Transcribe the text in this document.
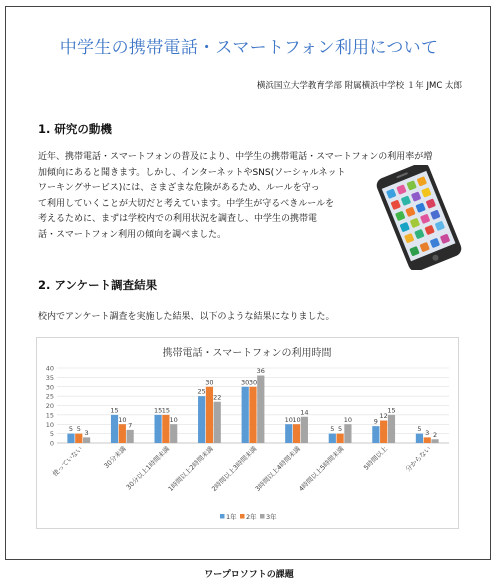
中学生の携帯電話・スマートフォン利用について
横浜国立大学教育学部 附属横浜中学校 １年 JMC 太郎
1. 研究の動機
近年、携帯電話・スマートフォンの普及により、中学生の携帯電話・スマートフォンの利用率が増
加傾向にあると聞きます。しかし、インターネットやSNS(ソーシャルネット
ワーキングサービス)には、さまざまな危険があるため、ルールを守っ
て利用していくことが大切だと考えています。中学生が守るべきルールを
考えるために、まずは学校内での利用状況を調査し、中学生の携帯電
話・スマートフォン利用の傾向を調べました。
2. アンケート調査結果
校内でアンケート調査を実施した結果、以下のような結果になりました。
携帯電話・スマートフォンの利用時間
0
5
10
15
20
25
30
35
40
5 5 3
15
10
7
15 15
10
25
30
22
30 30
36
10 10
14
5 5
10	9
12
15
5 3 2
使っていない	30分未満
30分以上1時間未満
1時間以上2時間未満
2時間以上3時間未満
3時間以上4時間未満
4時間以上5時間未満	5時間以上 分からない
1年 2年 3年
ワープロソフトの課題
